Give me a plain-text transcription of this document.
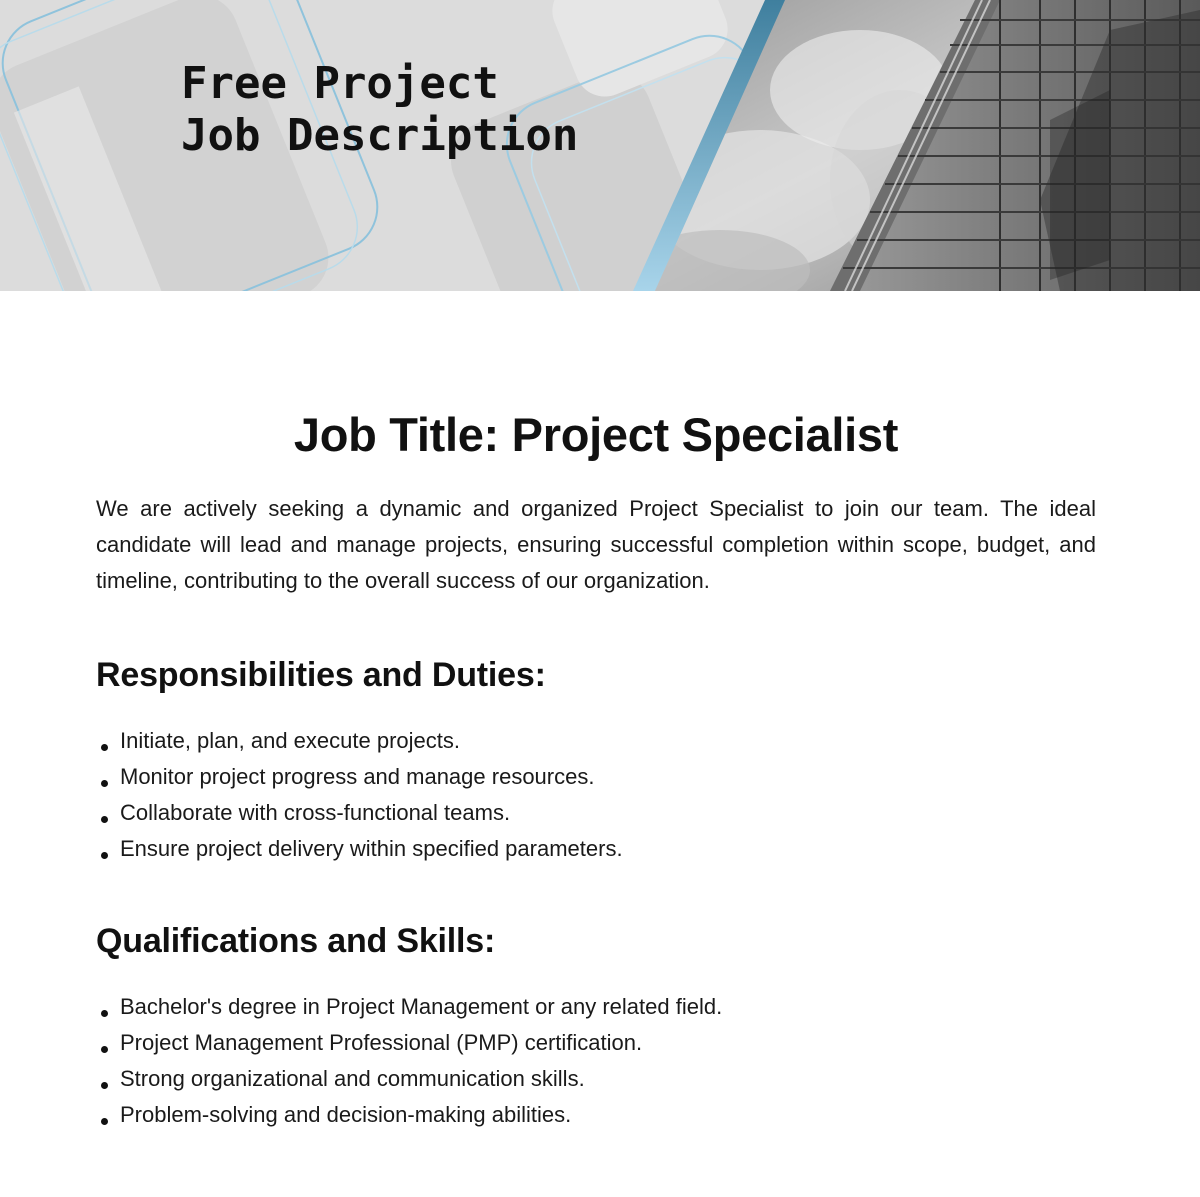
Free Project
Job Description
Job Title: Project Specialist

We are actively seeking a dynamic and organized Project Specialist to join our team. The ideal candidate will lead and manage projects, ensuring successful completion within scope, budget, and timeline, contributing to the overall success of our organization.

Responsibilities and Duties:
Initiate, plan, and execute projects.
Monitor project progress and manage resources.
Collaborate with cross-functional teams.
Ensure project delivery within specified parameters.
Qualifications and Skills:
Bachelor's degree in Project Management or any related field.
Project Management Professional (PMP) certification.
Strong organizational and communication skills.
Problem-solving and decision-making abilities.
